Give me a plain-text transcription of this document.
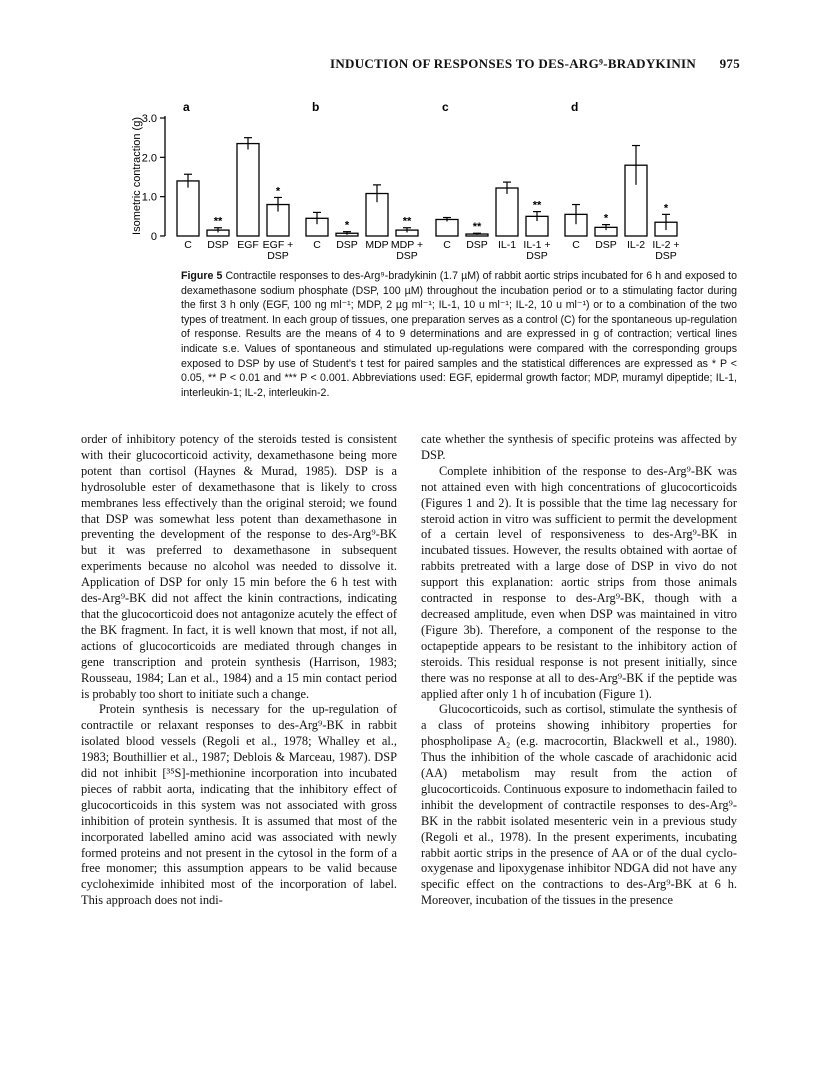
INDUCTION OF RESPONSES TO DES-ARG⁹-BRADYKININ 975
0
1.0
2.0
3.0
Isometric contraction (g)
a
C
**
DSP EGF
*
EGF +
DSP
b
C
*
DSP MDP
**
MDP +
DSP
c
C
**
DSP IL-1
**
IL-1 +
DSP
d
C
*
DSP IL-2
*
IL-2 +
DSP
Figure 5 Contractile responses to des-Arg⁹-bradykinin (1.7 µM) of rabbit aortic strips incubated for 6 h and exposed to dexamethasone sodium phosphate (DSP, 100 µM) throughout the incubation period or to a stimulating factor during the first 3 h only (EGF, 100 ng ml⁻¹; MDP, 2 µg ml⁻¹; IL-1, 10 u ml⁻¹; IL-2, 10 u ml⁻¹) or to a combination of the two types of treatment. In each group of tissues, one preparation serves as a control (C) for the spontaneous up-regulation of response. Results are the means of 4 to 9 determinations and are expressed in g of contraction; vertical lines indicate s.e. Values of spontaneous and stimulated up-regulations were compared with the corresponding groups exposed to DSP by use of Student's t test for paired samples and the statistical differences are expressed as * P < 0.05, ** P < 0.01 and *** P < 0.001. Abbreviations used: EGF, epidermal growth factor; MDP, muramyl dipeptide; IL-1, interleukin-1; IL-2, interleukin-2.

order of inhibitory potency of the steroids tested is consistent with their glucocorticoid activity, dexamethasone being more potent than cortisol (Haynes & Murad, 1985). DSP is a hydrosoluble ester of dexamethasone that is likely to cross membranes less effectively than the original steroid; we found that DSP was somewhat less potent than dexamethasone in preventing the development of the response to des-Arg⁹-BK but it was preferred to dexamethasone in subsequent experiments because no alcohol was needed to dissolve it. Application of DSP for only 15 min before the 6 h test with des-Arg⁹-BK did not affect the kinin contractions, indicating that the glucocorticoid does not antagonize acutely the effect of the BK fragment. In fact, it is well known that most, if not all, actions of glucocorticoids are mediated through changes in gene transcription and protein synthesis (Harrison, 1983; Rousseau, 1984; Lan et al., 1984) and a 15 min contact period is probably too short to initiate such a change.

Protein synthesis is necessary for the up-regulation of contractile or relaxant responses to des-Arg⁹-BK in rabbit isolated blood vessels (Regoli et al., 1978; Whalley et al., 1983; Bouthillier et al., 1987; Deblois & Marceau, 1987). DSP did not inhibit [³⁵S]-methionine incorporation into incubated pieces of rabbit aorta, indicating that the inhibitory effect of glucocorticoids in this system was not associated with gross inhibition of protein synthesis. It is assumed that most of the incorporated labelled amino acid was associated with newly formed proteins and not present in the cytosol in the form of a free monomer; this assumption appears to be valid because cycloheximide inhibited most of the incorporation of label. This approach does not indi-

cate whether the synthesis of specific proteins was affected by DSP.

Complete inhibition of the response to des-Arg⁹-BK was not attained even with high concentrations of glucocorticoids (Figures 1 and 2). It is possible that the time lag necessary for steroid action in vitro was sufficient to permit the development of a certain level of responsiveness to des-Arg⁹-BK in incubated tissues. However, the results obtained with aortae of rabbits pretreated with a large dose of DSP in vivo do not support this explanation: aortic strips from those animals contracted in response to des-Arg⁹-BK, though with a decreased amplitude, even when DSP was maintained in vitro (Figure 3b). Therefore, a component of the response to the octapeptide appears to be resistant to the inhibitory action of steroids. This residual response is not present initially, since there was no response at all to des-Arg⁹-BK if the peptide was applied after only 1 h of incubation (Figure 1).

Glucocorticoids, such as cortisol, stimulate the synthesis of a class of proteins showing inhibitory properties for phospholipase A₂ (e.g. macrocortin, Blackwell et al., 1980). Thus the inhibition of the whole cascade of arachidonic acid (AA) metabolism may result from the action of glucocorticoids. Continuous exposure to indomethacin failed to inhibit the development of contractile responses to des-Arg⁹-BK in the rabbit isolated mesenteric vein in a previous study (Regoli et al., 1978). In the present experiments, incubating rabbit aortic strips in the presence of AA or of the dual cyclo-oxygenase and lipoxygenase inhibitor NDGA did not have any specific effect on the contractions to des-Arg⁹-BK at 6 h. Moreover, incubation of the tissues in the presence
